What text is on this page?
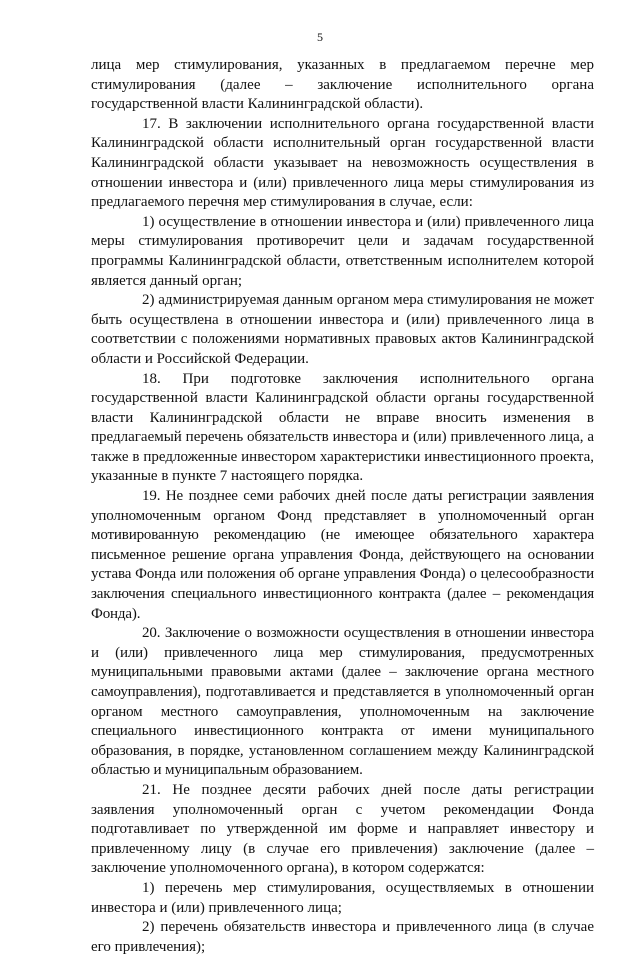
5

лица мер стимулирования, указанных в предлагаемом перечне мер стимулирования (далее – заключение исполнительного органа государственной власти Калининградской области).

17. В заключении исполнительного органа государственной власти Калининградской области исполнительный орган государственной власти Калининградской области указывает на невозможность осуществления в отношении инвестора и (или) привлеченного лица меры стимулирования из предлагаемого перечня мер стимулирования в случае, если:

1) осуществление в отношении инвестора и (или) привлеченного лица меры стимулирования противоречит цели и задачам государственной программы Калининградской области, ответственным исполнителем которой является данный орган;

2) администрируемая данным органом мера стимулирования не может быть осуществлена в отношении инвестора и (или) привлеченного лица в соответствии с положениями нормативных правовых актов Калининградской области и Российской Федерации.

18. При подготовке заключения исполнительного органа государственной власти Калининградской области органы государственной власти Калининградской области не вправе вносить изменения в предлагаемый перечень обязательств инвестора и (или) привлеченного лица, а также в предложенные инвестором характеристики инвестиционного проекта, указанные в пункте 7 настоящего порядка.

19. Не позднее семи рабочих дней после даты регистрации заявления уполномоченным органом Фонд представляет в уполномоченный орган мотивированную рекомендацию (не имеющее обязательного характера письменное решение органа управления Фонда, действующего на основании устава Фонда или положения об органе управления Фонда) о целесообразности заключения специального инвестиционного контракта (далее – рекомендация Фонда).

20. Заключение о возможности осуществления в отношении инвестора и (или) привлеченного лица мер стимулирования, предусмотренных муниципальными правовыми актами (далее – заключение органа местного самоуправления), подготавливается и представляется в уполномоченный орган органом местного самоуправления, уполномоченным на заключение специального инвестиционного контракта от имени муниципального образования, в порядке, установленном соглашением между Калининградской областью и муниципальным образованием.

21. Не позднее десяти рабочих дней после даты регистрации заявления уполномоченный орган с учетом рекомендации Фонда подготавливает по утвержденной им форме и направляет инвестору и привлеченному лицу (в случае его привлечения) заключение (далее – заключение уполномоченного органа), в котором содержатся:

1) перечень мер стимулирования, осуществляемых в отношении инвестора и (или) привлеченного лица;

2) перечень обязательств инвестора и привлеченного лица (в случае его привлечения);
